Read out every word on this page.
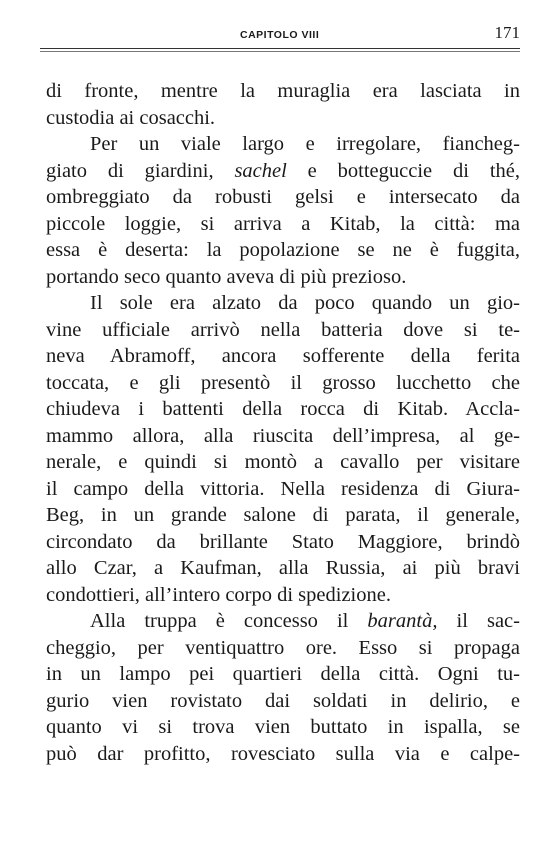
CAPITOLO VIII	171
di fronte, mentre la muraglia era lasciata in
custodia ai cosacchi.
Per un viale largo e irregolare, fiancheg-
giato di giardini, sachel e botteguccie di thé,
ombreggiato da robusti gelsi e intersecato da
piccole loggie, si arriva a Kitab, la città: ma
essa è deserta: la popolazione se ne è fuggita,
portando seco quanto aveva di più prezioso.
Il sole era alzato da poco quando un gio-
vine ufficiale arrivò nella batteria dove si te-
neva Abramoff, ancora sofferente della ferita
toccata, e gli presentò il grosso lucchetto che
chiudeva i battenti della rocca di Kitab. Accla-
mammo allora, alla riuscita dell’impresa, al ge-
nerale, e quindi si montò a cavallo per visitare
il campo della vittoria. Nella residenza di Giura-
Beg, in un grande salone di parata, il generale,
circondato da brillante Stato Maggiore, brindò
allo Czar, a Kaufman, alla Russia, ai più bravi
condottieri, all’intero corpo di spedizione.
Alla truppa è concesso il barantà, il sac-
cheggio, per ventiquattro ore. Esso si propaga
in un lampo pei quartieri della città. Ogni tu-
gurio vien rovistato dai soldati in delirio, e
quanto vi si trova vien buttato in ispalla, se
può dar profitto, rovesciato sulla via e calpe-
